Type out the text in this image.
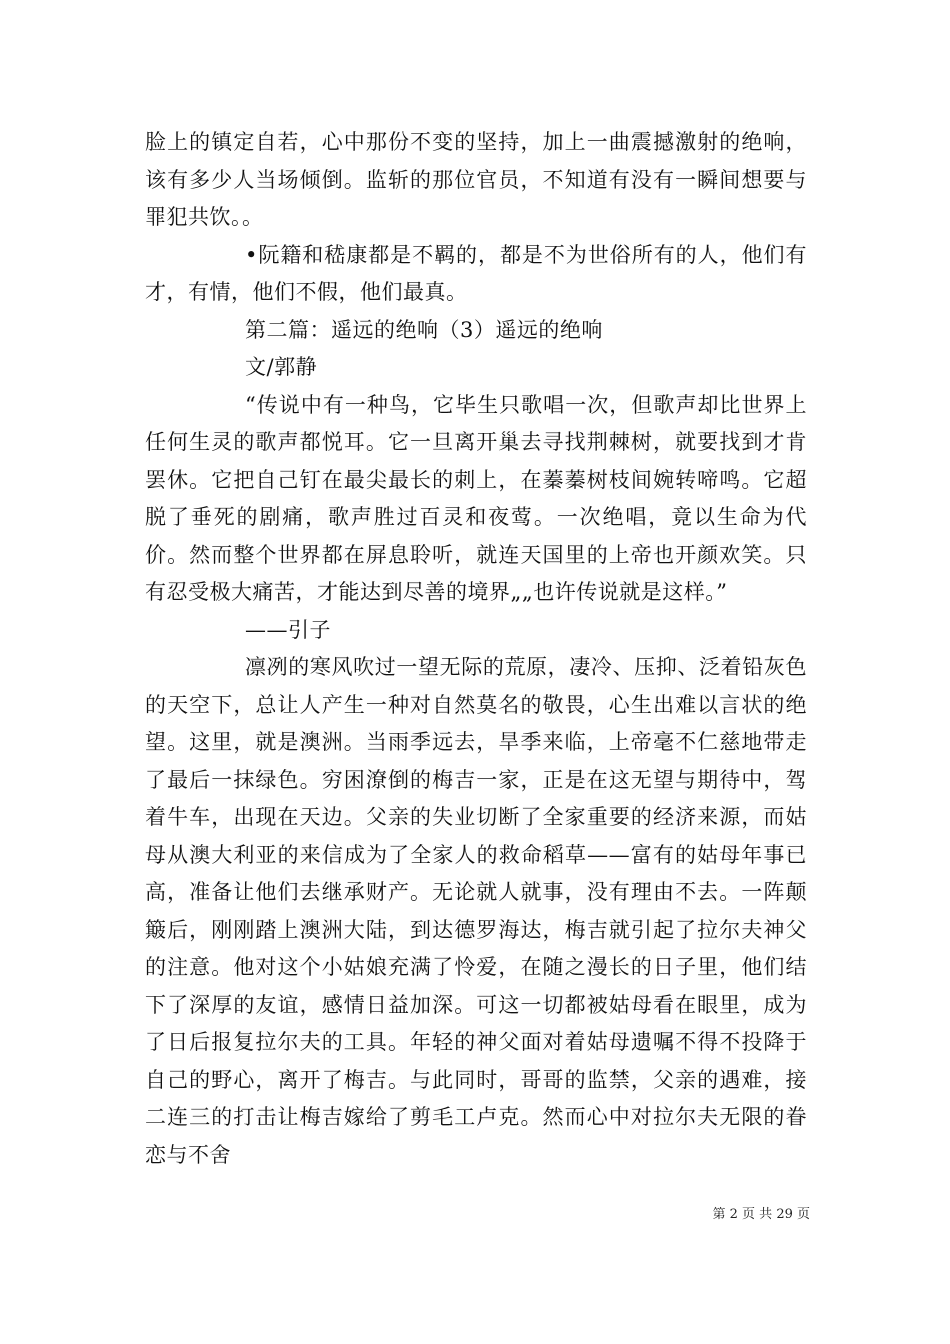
脸上的镇定自若，心中那份不变的坚持，加上一曲震撼激射的绝响，该有多少人当场倾倒。监斩的那位官员，不知道有没有一瞬间想要与罪犯共饮。。

•阮籍和嵇康都是不羁的，都是不为世俗所有的人，他们有才，有情，他们不假，他们最真。

第二篇：遥远的绝响（3）遥远的绝响

文/郭静

“传说中有一种鸟，它毕生只歌唱一次，但歌声却比世界上任何生灵的歌声都悦耳。它一旦离开巢去寻找荆棘树，就要找到才肯罢休。它把自己钉在最尖最长的刺上，在蓁蓁树枝间婉转啼鸣。它超脱了垂死的剧痛，歌声胜过百灵和夜莺。一次绝唱，竟以生命为代价。然而整个世界都在屏息聆听，就连天国里的上帝也开颜欢笑。只有忍受极大痛苦，才能达到尽善的境界„„也许传说就是这样。”

——引子

凛冽的寒风吹过一望无际的荒原，凄冷、压抑、泛着铅灰色的天空下，总让人产生一种对自然莫名的敬畏，心生出难以言状的绝望。这里，就是澳洲。当雨季远去，旱季来临，上帝毫不仁慈地带走了最后一抹绿色。穷困潦倒的梅吉一家，正是在这无望与期待中，驾着牛车，出现在天边。父亲的失业切断了全家重要的经济来源，而姑母从澳大利亚的来信成为了全家人的救命稻草——富有的姑母年事已高，准备让他们去继承财产。无论就人就事，没有理由不去。一阵颠簸后，刚刚踏上澳洲大陆，到达德罗海达，梅吉就引起了拉尔夫神父的注意。他对这个小姑娘充满了怜爱，在随之漫长的日子里，他们结下了深厚的友谊，感情日益加深。可这一切都被姑母看在眼里，成为了日后报复拉尔夫的工具。年轻的神父面对着姑母遗嘱不得不投降于自己的野心，离开了梅吉。与此同时，哥哥的监禁，父亲的遇难，接二连三的打击让梅吉嫁给了剪毛工卢克。然而心中对拉尔夫无限的眷恋与不舍

第 2 页 共 29 页
